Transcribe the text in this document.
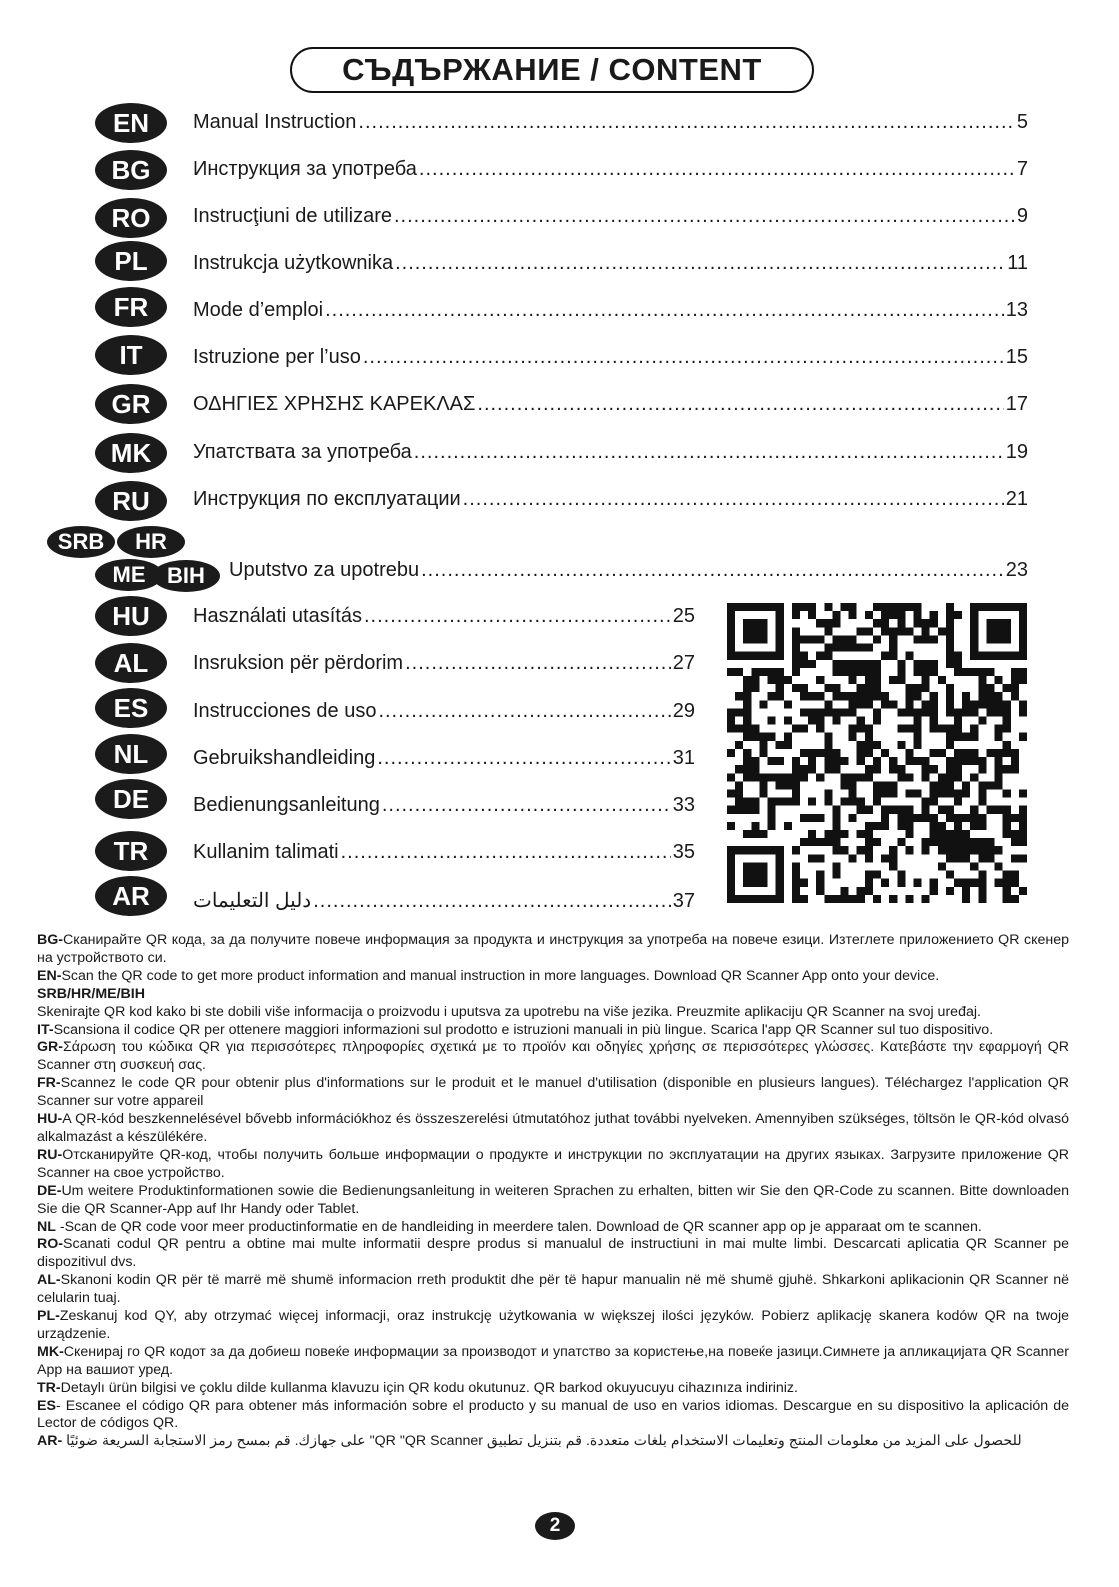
СЪДЪРЖАНИЕ / CONTENT
EN	Manual Instruction .....	5
BG	Инструкция за употреба .....	7
RO	Instrucţiuni de utilizare .....	9
PL	Instrukcja użytkownika .....	11
FR	Mode d’emploi .....	13
IT	Istruzione per l’uso .....	15
GR	ΟΔΗΓΙΕΣ ΧΡΗΣΗΣ ΚΑΡΕΚΛΑΣ .....	17
MK	Упатствата за употреба .....	19
RU	Инструкция по експлуатации .....	21
SRB	HR
ME BIH	Uputstvo za upotrebu .....	23
HU	Használati utasítás .....	25
AL	Insruksion për përdorim .....	27
ES	Instrucciones de uso .....	29
NL	Gebruikshandleiding .....	31
DE	Bedienungsanleitung .....	33
TR	Kullanim talimati .....	35
AR	دليل التعليمات .....	37

BG-Сканирайте QR кода, за да получите повече информация за продукта и инструкция за употреба на повече езици. Изтеглете приложението QR скенер на устройството си.

EN-Scan the QR code to get more product information and manual instruction in more languages. Download QR Scanner App onto your device.

SRB/HR/ME/BIH

Skenirajte QR kod kako bi ste dobili više informacija o proizvodu i uputsva za upotrebu na više jezika. Preuzmite aplikaciju QR Scanner na svoj uređaj.

IT-Scansiona il codice QR per ottenere maggiori informazioni sul prodotto e istruzioni manuali in più lingue. Scarica l'app QR Scanner sul tuo dispositivo.

GR-Σάρωση του κώδικα QR για περισσότερες πληροφορίες σχετικά με το προϊόν και οδηγίες χρήσης σε περισσότερες γλώσσες. Κατεβάστε την εφαρμογή QR Scanner στη συσκευή σας.

FR-Scannez le code QR pour obtenir plus d'informations sur le produit et le manuel d'utilisation (disponible en plusieurs langues). Téléchargez l'application QR Scanner sur votre appareil

HU-A QR-kód beszkennelésével bővebb információkhoz és összeszerelési útmutatóhoz juthat további nyelveken. Amennyiben szükséges, töltsön le QR-kód olvasó alkalmazást a készülékére.

RU-Отсканируйте QR-код, чтобы получить больше информации о продукте и инструкции по эксплуатации на других языках. Загрузите приложение QR Scanner на свое устройство.

DE-Um weitere Produktinformationen sowie die Bedienungsanleitung in weiteren Sprachen zu erhalten, bitten wir Sie den QR-Code zu scannen. Bitte downloaden Sie die QR Scanner-App auf Ihr Handy oder Tablet.

NL -Scan de QR code voor meer productinformatie en de handleiding in meerdere talen. Download de QR scanner app op je apparaat om te scannen.

RO-Scanati codul QR pentru a obtine mai multe informatii despre produs si manualul de instructiuni in mai multe limbi. Descarcati aplicatia QR Scanner pe dispozitivul dvs.

AL-Skanoni kodin QR për të marrë më shumë informacion rreth produktit dhe për të hapur manualin në më shumë gjuhë. Shkarkoni aplikacionin QR Scanner në celularin tuaj.

PL-Zeskanuj kod QY, aby otrzymać więcej informacji, oraz instrukcję użytkowania w większej ilości języków. Pobierz aplikację skanera kodów QR na twoje urządzenie.

MK-Скенирај го QR кодот за да добиеш повеќе информации за производот и упатство за користење,на повеќе јазици.Симнете ја апликацијата QR Scanner App на вашиот уред.

TR-Detaylı ürün bilgisi ve çoklu dilde kullanma klavuzu için QR kodu okutunuz. QR barkod okuyucuyu cihazınıza indiriniz.

ES- Escanee el código QR para obtener más información sobre el producto y su manual de uso en varios idiomas. Descargue en su dispositivo la aplicación de Lector de códigos QR.

AR- للحصول على المزيد من معلومات المنتج وتعليمات الاستخدام بلغات متعددة. قم بتنزيل تطبيق QR "QR Scanner" على جهازك. قم بمسح رمز الاستجابة السريعة ضوئيًا

2
